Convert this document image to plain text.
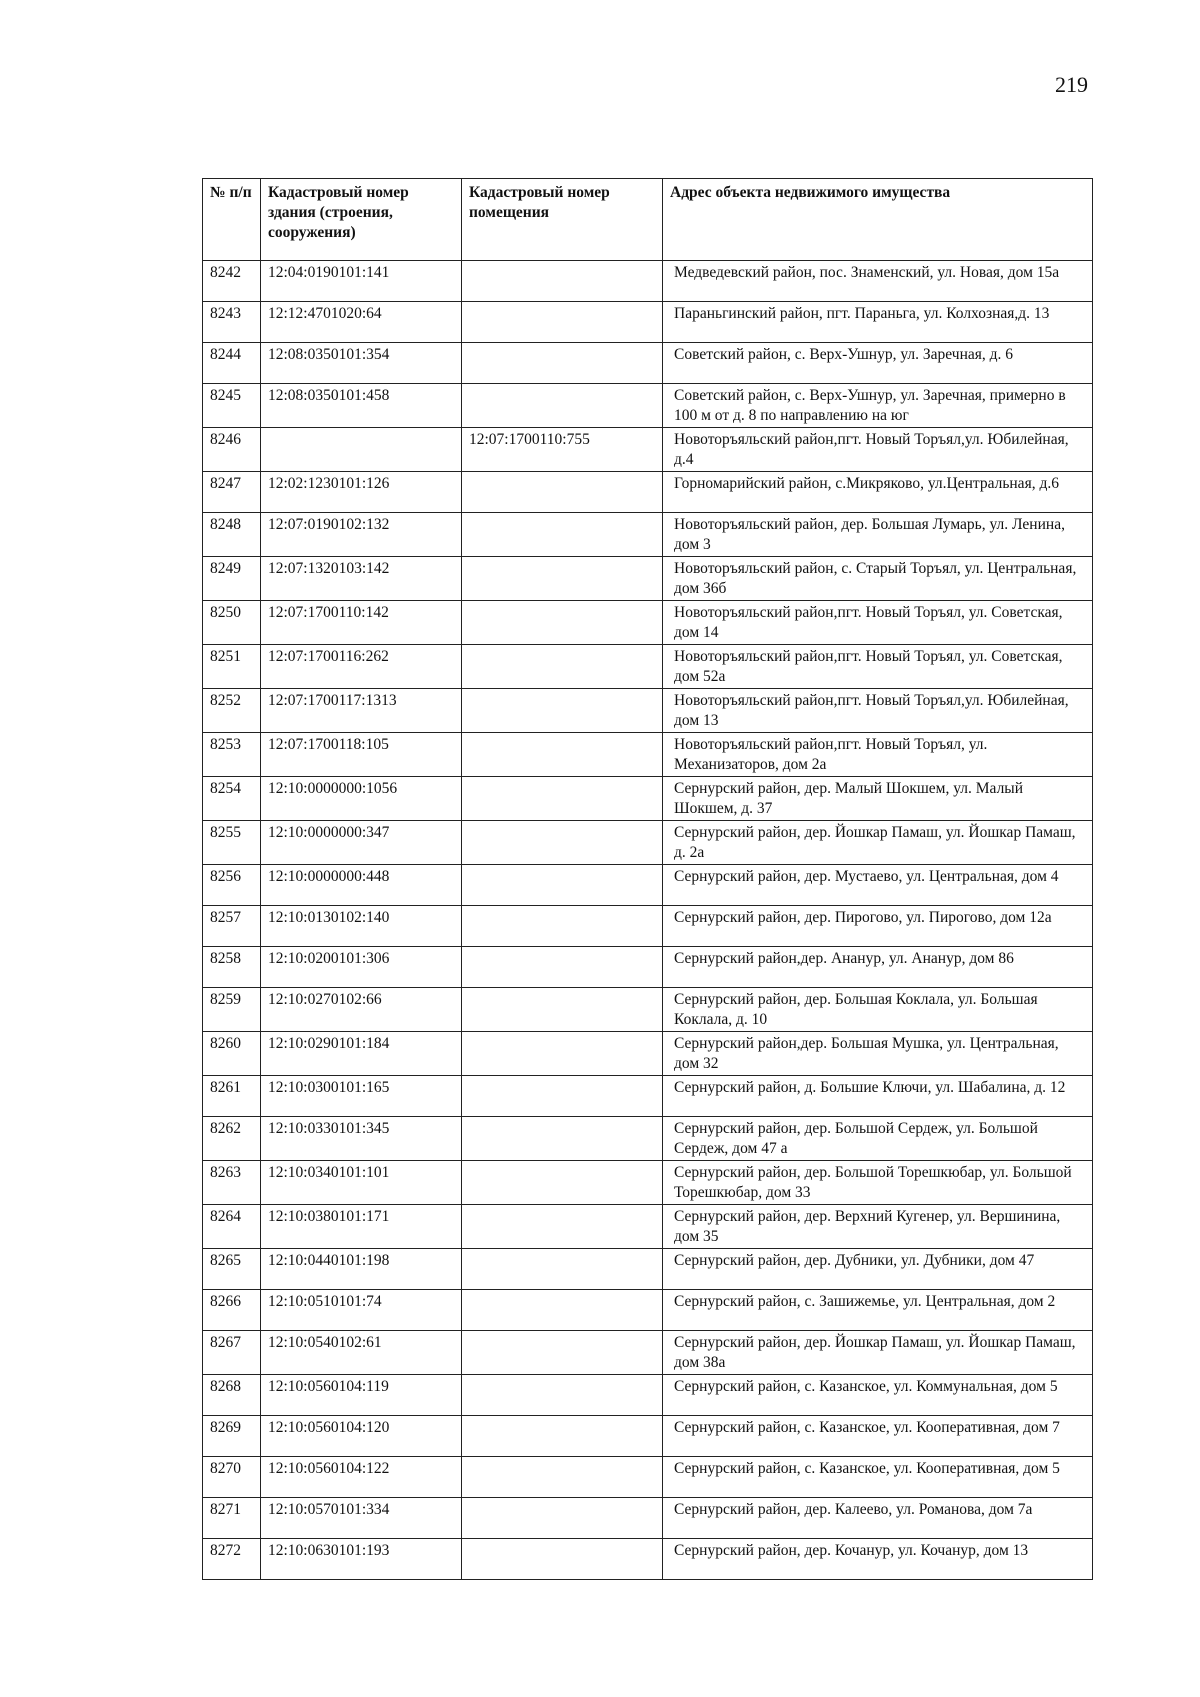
219
№ п/п	Кадастровый номер здания (строения, сооружения)	Кадастровый номер помещения	Адрес объекта недвижимого имущества
8242	12:04:0190101:141		Медведевский район, пос. Знаменский, ул. Новая, дом 15а
8243	12:12:4701020:64		Параньгинский район, пгт. Параньга, ул. Колхозная,д. 13
8244	12:08:0350101:354		Советский район, с. Верх-Ушнур, ул. Заречная, д. 6
8245	12:08:0350101:458		Советский район, с. Верх-Ушнур, ул. Заречная, примерно в 100 м от д. 8 по направлению на юг
8246		12:07:1700110:755	Новоторъяльский район,пгт. Новый Торъял,ул. Юбилейная, д.4
8247	12:02:1230101:126		Горномарийский район, с.Микряково, ул.Центральная, д.6
8248	12:07:0190102:132		Новоторъяльский район, дер. Большая Лумарь, ул. Ленина, дом 3
8249	12:07:1320103:142		Новоторъяльский район, с. Старый Торъял, ул. Центральная, дом 36б
8250	12:07:1700110:142		Новоторъяльский район,пгт. Новый Торъял, ул. Советская, дом 14
8251	12:07:1700116:262		Новоторъяльский район,пгт. Новый Торъял, ул. Советская, дом 52а
8252	12:07:1700117:1313		Новоторъяльский район,пгт. Новый Торъял,ул. Юбилейная, дом 13
8253	12:07:1700118:105		Новоторъяльский район,пгт. Новый Торъял, ул. Механизаторов, дом 2а
8254	12:10:0000000:1056		Сернурский район, дер. Малый Шокшем, ул. Малый Шокшем, д. 37
8255	12:10:0000000:347		Сернурский район, дер. Йошкар Памаш, ул. Йошкар Памаш, д. 2а
8256	12:10:0000000:448		Сернурский район, дер. Мустаево, ул. Центральная, дом 4
8257	12:10:0130102:140		Сернурский район, дер. Пирогово, ул. Пирогово, дом 12а
8258	12:10:0200101:306		Сернурский район,дер. Ананур, ул. Ананур, дом 86
8259	12:10:0270102:66		Сернурский район, дер. Большая Коклала, ул. Большая Коклала, д. 10
8260	12:10:0290101:184		Сернурский район,дер. Большая Мушка, ул. Центральная, дом 32
8261	12:10:0300101:165		Сернурский район, д. Большие Ключи, ул. Шабалина, д. 12
8262	12:10:0330101:345		Сернурский район, дер. Большой Сердеж, ул. Большой Сердеж, дом 47 а
8263	12:10:0340101:101		Сернурский район, дер. Большой Торешкюбар, ул. Большой Торешкюбар, дом 33
8264	12:10:0380101:171		Сернурский район, дер. Верхний Кугенер, ул. Вершинина, дом 35
8265	12:10:0440101:198		Сернурский район, дер. Дубники, ул. Дубники, дом 47
8266	12:10:0510101:74		Сернурский район, с. Зашижемье, ул. Центральная, дом 2
8267	12:10:0540102:61		Сернурский район, дер. Йошкар Памаш, ул. Йошкар Памаш, дом 38а
8268	12:10:0560104:119		Сернурский район, с. Казанское, ул. Коммунальная, дом 5
8269	12:10:0560104:120		Сернурский район, с. Казанское, ул. Кооперативная, дом 7
8270	12:10:0560104:122		Сернурский район, с. Казанское, ул. Кооперативная, дом 5
8271	12:10:0570101:334		Сернурский район, дер. Калеево, ул. Романова, дом 7а
8272	12:10:0630101:193		Сернурский район, дер. Кочанур, ул. Кочанур, дом 13
